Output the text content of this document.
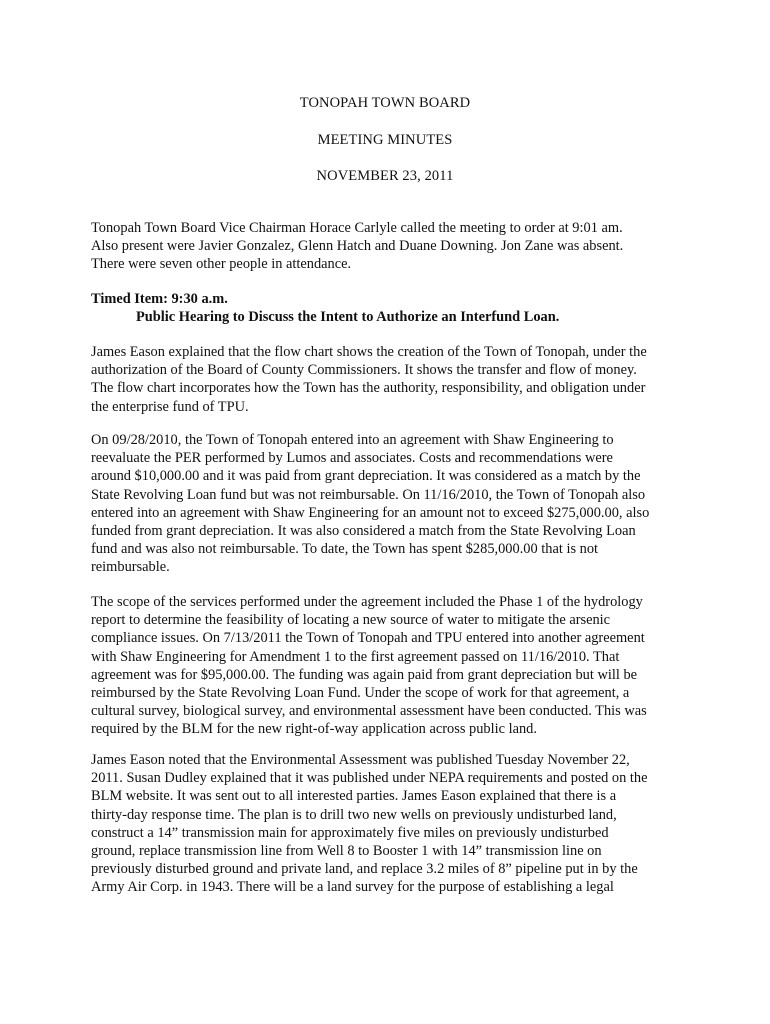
TONOPAH TOWN BOARD
MEETING MINUTES
NOVEMBER 23, 2011
Tonopah Town Board Vice Chairman Horace Carlyle called the meeting to order at 9:01 am.
Also present were Javier Gonzalez, Glenn Hatch and Duane Downing. Jon Zane was absent.
There were seven other people in attendance.
Timed Item: 9:30 a.m.
Public Hearing to Discuss the Intent to Authorize an Interfund Loan.
James Eason explained that the flow chart shows the creation of the Town of Tonopah, under the
authorization of the Board of County Commissioners. It shows the transfer and flow of money.
The flow chart incorporates how the Town has the authority, responsibility, and obligation under
the enterprise fund of TPU.
On 09/28/2010, the Town of Tonopah entered into an agreement with Shaw Engineering to
reevaluate the PER performed by Lumos and associates. Costs and recommendations were
around $10,000.00 and it was paid from grant depreciation. It was considered as a match by the
State Revolving Loan fund but was not reimbursable. On 11/16/2010, the Town of Tonopah also
entered into an agreement with Shaw Engineering for an amount not to exceed $275,000.00, also
funded from grant depreciation. It was also considered a match from the State Revolving Loan
fund and was also not reimbursable. To date, the Town has spent $285,000.00 that is not
reimbursable.
The scope of the services performed under the agreement included the Phase 1 of the hydrology
report to determine the feasibility of locating a new source of water to mitigate the arsenic
compliance issues. On 7/13/2011 the Town of Tonopah and TPU entered into another agreement
with Shaw Engineering for Amendment 1 to the first agreement passed on 11/16/2010. That
agreement was for $95,000.00. The funding was again paid from grant depreciation but will be
reimbursed by the State Revolving Loan Fund. Under the scope of work for that agreement, a
cultural survey, biological survey, and environmental assessment have been conducted. This was
required by the BLM for the new right-of-way application across public land.
James Eason noted that the Environmental Assessment was published Tuesday November 22,
2011. Susan Dudley explained that it was published under NEPA requirements and posted on the
BLM website. It was sent out to all interested parties. James Eason explained that there is a
thirty-day response time. The plan is to drill two new wells on previously undisturbed land,
construct a 14” transmission main for approximately five miles on previously undisturbed
ground, replace transmission line from Well 8 to Booster 1 with 14” transmission line on
previously disturbed ground and private land, and replace 3.2 miles of 8” pipeline put in by the
Army Air Corp. in 1943. There will be a land survey for the purpose of establishing a legal
